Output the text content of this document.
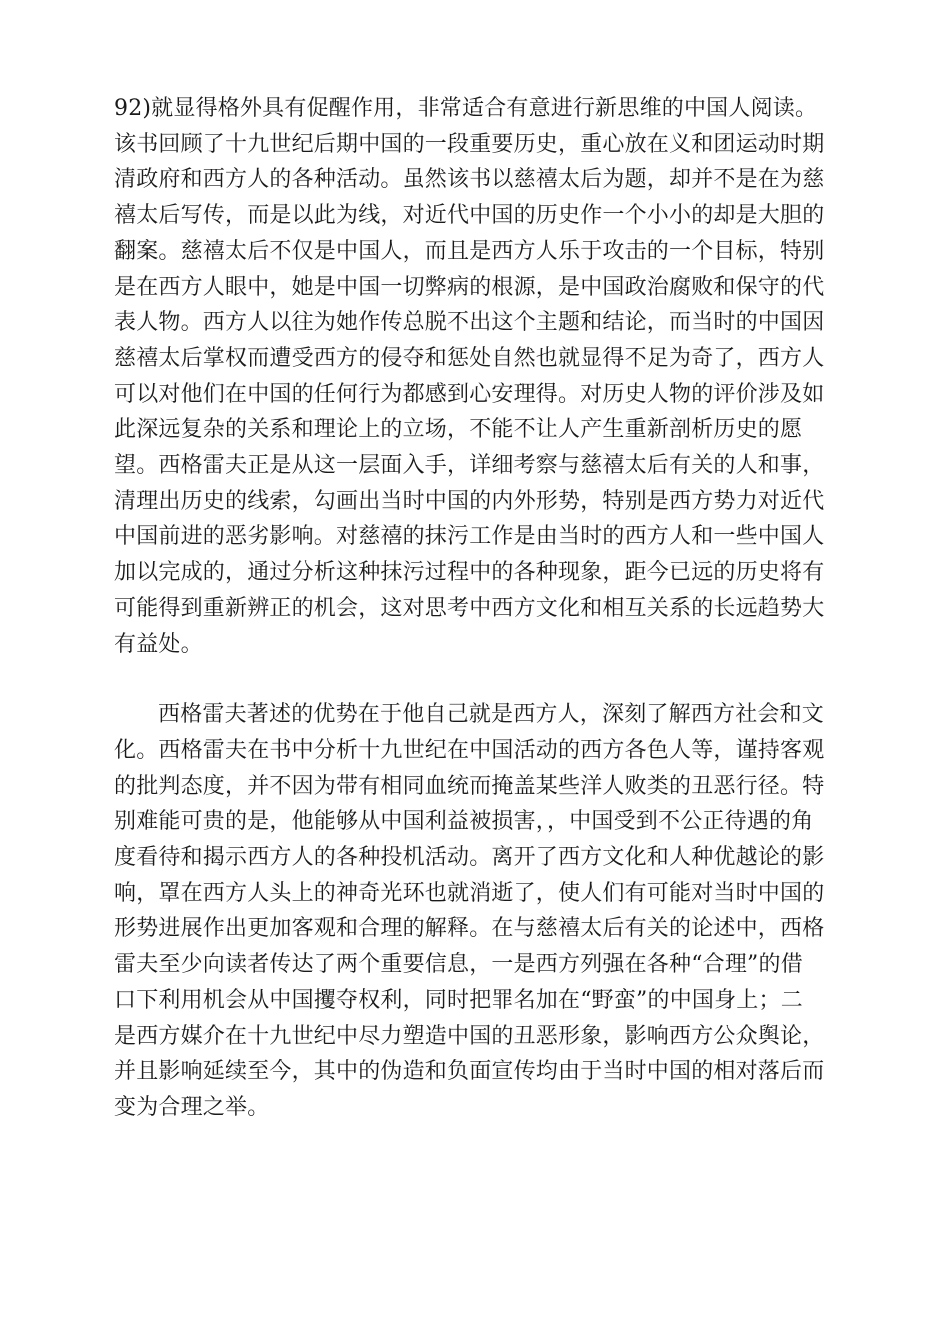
92)就显得格外具有促醒作用，非常适合有意进行新思维的中国人阅读。
该书回顾了十九世纪后期中国的一段重要历史，重心放在义和团运动时期
清政府和西方人的各种活动。虽然该书以慈禧太后为题，却并不是在为慈
禧太后写传，而是以此为线，对近代中国的历史作一个小小的却是大胆的
翻案。慈禧太后不仅是中国人，而且是西方人乐于攻击的一个目标，特别
是在西方人眼中，她是中国一切弊病的根源，是中国政治腐败和保守的代
表人物。西方人以往为她作传总脱不出这个主题和结论，而当时的中国因
慈禧太后掌权而遭受西方的侵夺和惩处自然也就显得不足为奇了，西方人
可以对他们在中国的任何行为都感到心安理得。对历史人物的评价涉及如
此深远复杂的关系和理论上的立场，不能不让人产生重新剖析历史的愿
望。西格雷夫正是从这一层面入手，详细考察与慈禧太后有关的人和事，
清理出历史的线索，勾画出当时中国的内外形势，特别是西方势力对近代
中国前进的恶劣影响。对慈禧的抹污工作是由当时的西方人和一些中国人
加以完成的，通过分析这种抹污过程中的各种现象，距今已远的历史将有
可能得到重新辨正的机会，这对思考中西方文化和相互关系的长远趋势大
有益处。
西格雷夫著述的优势在于他自己就是西方人，深刻了解西方社会和文
化。西格雷夫在书中分析十九世纪在中国活动的西方各色人等，谨持客观
的批判态度，并不因为带有相同血统而掩盖某些洋人败类的丑恶行径。特
别难能可贵的是，他能够从中国利益被损害，，中国受到不公正待遇的角
度看待和揭示西方人的各种投机活动。离开了西方文化和人种优越论的影
响，罩在西方人头上的神奇光环也就消逝了，使人们有可能对当时中国的
形势进展作出更加客观和合理的解释。在与慈禧太后有关的论述中，西格
雷夫至少向读者传达了两个重要信息，一是西方列强在各种“合理”的借
口下利用机会从中国攫夺权利，同时把罪名加在“野蛮”的中国身上；二
是西方媒介在十九世纪中尽力塑造中国的丑恶形象，影响西方公众舆论，
并且影响延续至今，其中的伪造和负面宣传均由于当时中国的相对落后而
变为合理之举。
